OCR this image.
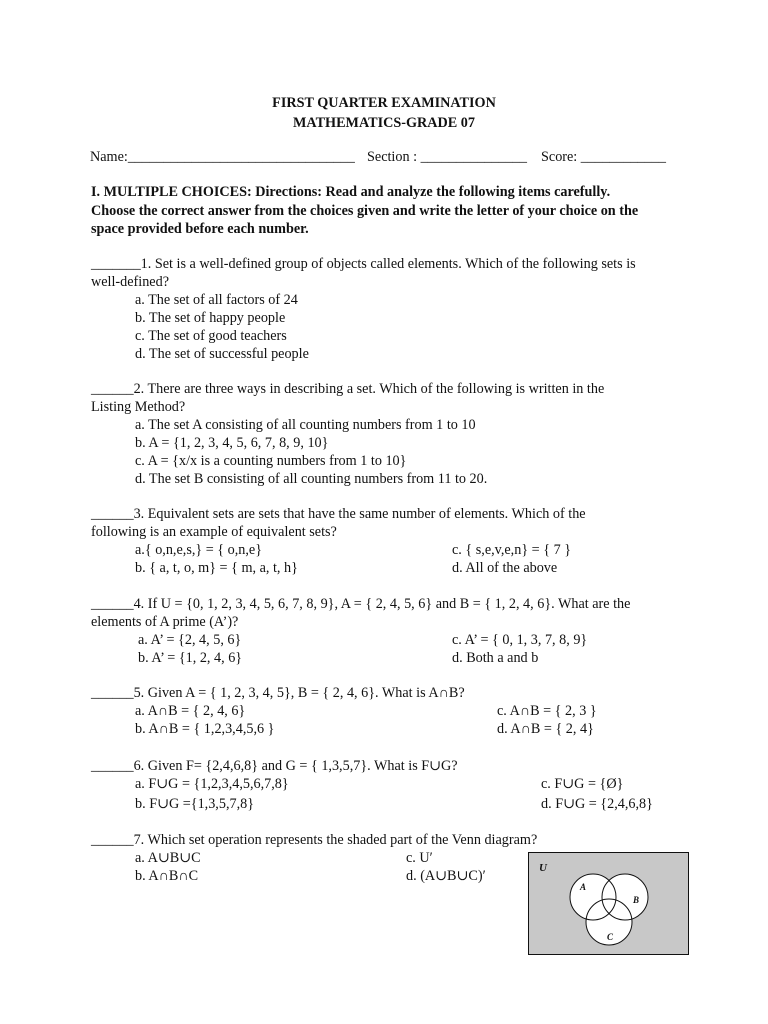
FIRST QUARTER EXAMINATION
MATHEMATICS-GRADE 07
Name:________________________________ Section : _______________ Score: ____________
I. MULTIPLE CHOICES: Directions: Read and analyze the following items carefully.
Choose the correct answer from the choices given and write the letter of your choice on the
space provided before each number.
_______1. Set is a well-defined group of objects called elements. Which of the following sets is
well-defined?
a. The set of all factors of 24
b. The set of happy people
c. The set of good teachers
d. The set of successful people
______2. There are three ways in describing a set. Which of the following is written in the
Listing Method?
a. The set A consisting of all counting numbers from 1 to 10
b. A = {1, 2, 3, 4, 5, 6, 7, 8, 9, 10}
c. A = {x/x is a counting numbers from 1 to 10}
d. The set B consisting of all counting numbers from 11 to 20.
______3. Equivalent sets are sets that have the same number of elements. Which of the
following is an example of equivalent sets?
a.{ o,n,e,s,} = { o,n,e}	c. { s,e,v,e,n} = { 7 }
b. { a, t, o, m} = { m, a, t, h}	d. All of the above
______4. If U = {0, 1, 2, 3, 4, 5, 6, 7, 8, 9}, A = { 2, 4, 5, 6} and B = { 1, 2, 4, 6}. What are the
elements of A prime (A’)?
a. A’ = {2, 4, 5, 6}	c. A’ = { 0, 1, 3, 7, 8, 9}
b. A’ = {1, 2, 4, 6}	d. Both a and b
______5. Given A = { 1, 2, 3, 4, 5}, B = { 2, 4, 6}. What is A∩B?
a. A∩B = { 2, 4, 6}	c. A∩B = { 2, 3 }
b. A∩B = { 1,2,3,4,5,6 }	d. A∩B = { 2, 4}
______6. Given F= {2,4,6,8} and G = { 1,3,5,7}. What is F∪G?
a. F∪G = {1,2,3,4,5,6,7,8}	c. F∪G = {Ø}
b. F∪G ={1,3,5,7,8}	d. F∪G = {2,4,6,8}
______7. Which set operation represents the shaded part of the Venn diagram?
a. A∪B∪C	c. U′
b. A∩B∩C	d. (A∪B∪C)′	U
A
B
C
